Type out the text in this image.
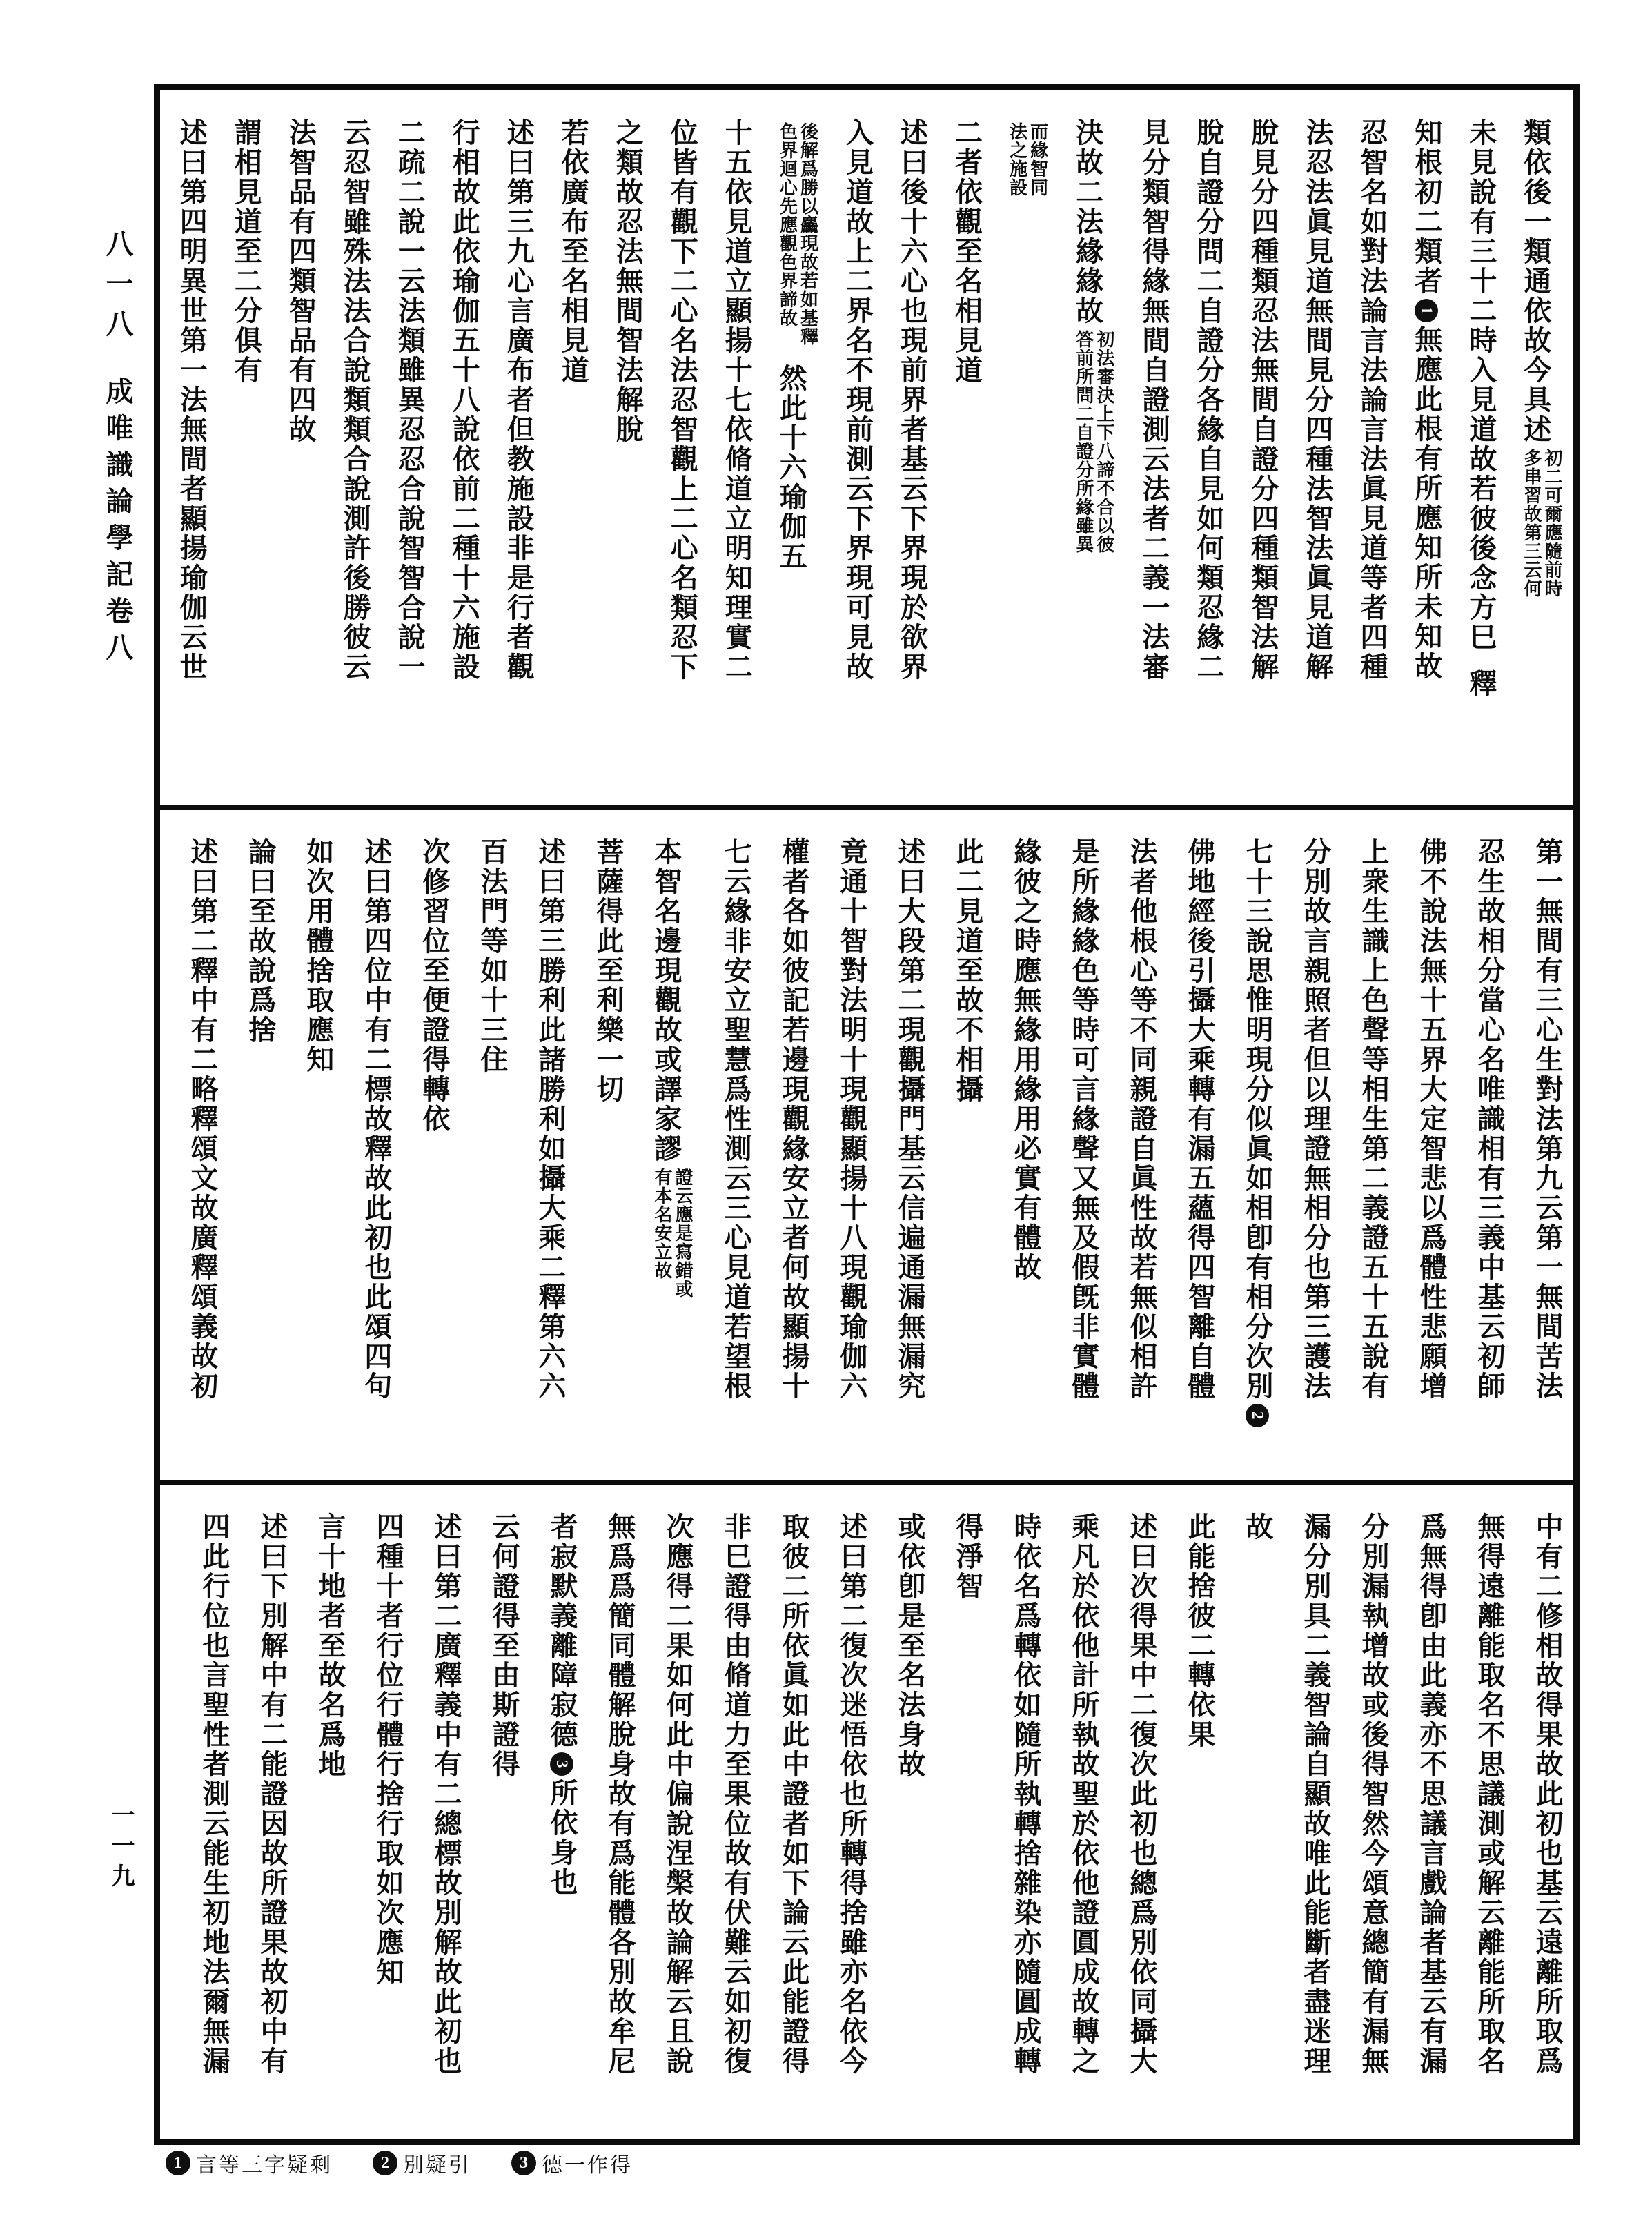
八一八成唯識論學記卷八
一一九
類依後一類通依故今具述
初二可爾應隨前時
多串習故第三云何
未見說有三十二時入見道故若彼後念方巳釋
知根初二類者1無應此根有所應知所未知故
忍智名如對法論言法論言法眞見道等者四種
法忍法眞見道無間見分四種法智法眞見道解
脫見分四種類忍法無間自證分四種類智法解
脫自證分問二自證分各緣自見如何類忍緣二
見分類智得緣無間自證測云法者二義一法審
決故二法緣緣故
初法審決上下八諦不合以彼
答前所問二自證分所緣雖異
而緣智同
法之施設
二者依觀至名相見道
述曰後十六心也現前界者基云下界現於欲界
入見道故上二界名不現前測云下界現可見故
後解爲勝以麤現故若如基釋
色界迴心先應觀色界諦故
然此十六瑜伽五
十五依見道立顯揚十七依脩道立明知理實二
位皆有觀下二心名法忍智觀上二心名類忍下
之類故忍法無間智法解脫
若依廣布至名相見道
述曰第三九心言廣布者但教施設非是行者觀
行相故此依瑜伽五十八說依前二種十六施設
二疏二說一云法類雖異忍忍合說智智合說一
云忍智雖殊法法合說類類合說測許後勝彼云
法智品有四類智品有四故
謂相見道至二分俱有
述曰第四明異世第一法無間者顯揚瑜伽云世
第一無間有三心生對法第九云第一無間苦法
忍生故相分當心名唯識相有三義中基云初師
佛不說法無十五界大定智悲以爲體性悲願增
上衆生識上色聲等相生第二義證五十五說有
分別故言親照者但以理證無相分也第三護法
七十三說思惟明現分似眞如相卽有相分次別2
佛地經後引攝大乘轉有漏五蘊得四智離自體
法者他根心等不同親證自眞性故若無似相許
是所緣緣色等時可言緣聲又無及假旣非實體
緣彼之時應無緣用緣用必實有體故
此二見道至故不相攝
述曰大段第二現觀攝門基云信遍通漏無漏究
竟通十智對法明十現觀顯揚十八現觀瑜伽六
權者各如彼記若邊現觀緣安立者何故顯揚十
七云緣非安立聖慧爲性測云三心見道若望根
本智名邊現觀故或譯家謬
證云應是寫錯或
有本名安立故
菩薩得此至利樂一切
述曰第三勝利此諸勝利如攝大乘二釋第六六
百法門等如十三住
次修習位至便證得轉依
述曰第四位中有二標故釋故此初也此頌四句
如次用體捨取應知
論曰至故說爲捨
述曰第二釋中有二略釋頌文故廣釋頌義故初
中有二修相故得果故此初也基云遠離所取爲
無得遠離能取名不思議測或解云離能所取名
爲無得卽由此義亦不思議言戲論者基云有漏
分別漏執增故或後得智然今頌意總簡有漏無
漏分別具二義智論自顯故唯此能斷者盡迷理
故
此能捨彼二轉依果
述曰次得果中二復次此初也總爲別依同攝大
乘凡於依他計所執故聖於依他證圓成故轉之
時依名爲轉依如隨所執轉捨雜染亦隨圓成轉
得淨智
或依卽是至名法身故
述曰第二復次迷悟依也所轉得捨雖亦名依今
取彼二所依眞如此中證者如下論云此能證得
非巳證得由脩道力至果位故有伏難云如初復
次應得二果如何此中偏說涅槃故論解云且說
無爲爲簡同體解脫身故有爲能體各別故牟尼
者寂默義離障寂德3所依身也
云何證得至由斯證得
述曰第二廣釋義中有二總標故別解故此初也
四種十者行位行體行捨行取如次應知
言十地者至故名爲地
述曰下別解中有二能證因故所證果故初中有
四此行位也言聖性者測云能生初地法爾無漏
1 言等三字疑剩	2 別疑引	3 德一作得
